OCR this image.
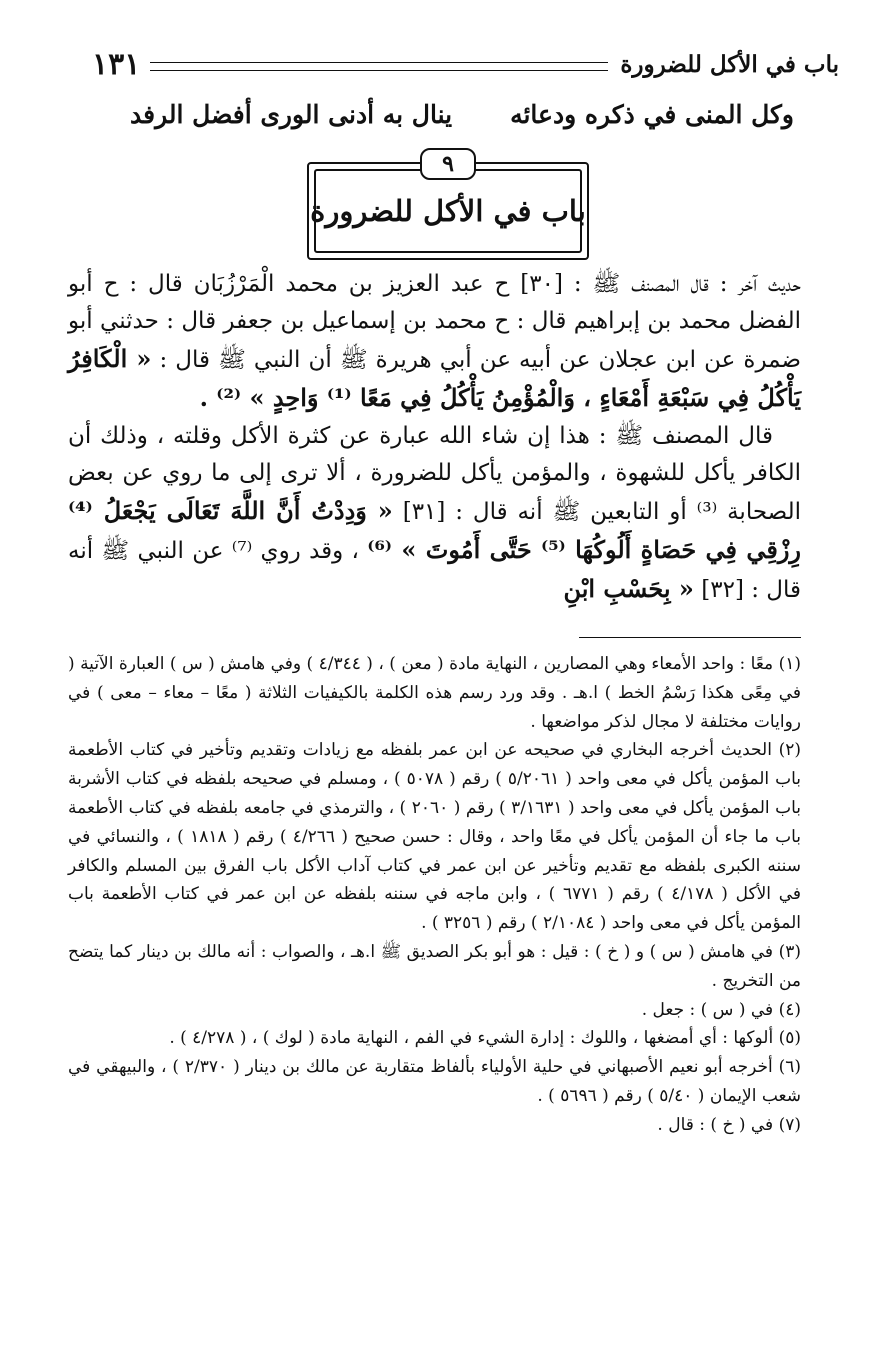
باب في الأكل للضرورة
١٣١
وكل المنى في ذكره ودعائه
ينال به أدنى الورى أفضل الرفد
٩
باب في الأكل للضرورة

حديث آخر : قال المصنف ﷺ : [٣٠] ح عبد العزيز بن محمد الْمَرْزُبَان قال : ح أبو الفضل محمد بن إبراهيم قال : ح محمد بن إسماعيل بن جعفر قال : حدثني أبو ضمرة عن ابن عجلان عن أبيه عن أبي هريرة ﷺ أن النبي ﷺ قال : « الْكَافِرُ يَأْكُلُ فِي سَبْعَةِ أَمْعَاءٍ ، وَالْمُؤْمِنُ يَأْكُلُ فِي مَعًا ⁽¹⁾ وَاحِدٍ » ⁽²⁾ .

قال المصنف ﷺ : هذا إن شاء الله عبارة عن كثرة الأكل وقلته ، وذلك أن الكافر يأكل للشهوة ، والمؤمن يأكل للضرورة ، ألا ترى إلى ما روي عن بعض الصحابة ⁽³⁾ أو التابعين ﷺ أنه قال : [٣١] « وَدِدْتُ أَنَّ اللَّهَ تَعَالَى يَجْعَلُ ⁽⁴⁾ رِزْقِي فِي حَصَاةٍ أَلُوكُهَا ⁽⁵⁾ حَتَّى أَمُوتَ » ⁽⁶⁾ ، وقد روي ⁽⁷⁾ عن النبي ﷺ أنه قال : [٣٢] « بِحَسْبِ ابْنِ

(١) معًا : واحد الأمعاء وهي المصارين ، النهاية مادة ( معن ) ، ( ٤/٣٤٤ ) وفي هامش ( س ) العبارة الآتية ( في مِعًى هكذا رَسْمُ الخط ) ا.هـ . وقد ورد رسم هذه الكلمة بالكيفيات الثلاثة ( معًا – معاء – معى ) في روايات مختلفة لا مجال لذكر مواضعها .

(٢) الحديث أخرجه البخاري في صحيحه عن ابن عمر بلفظه مع زيادات وتقديم وتأخير في كتاب الأطعمة باب المؤمن يأكل في معى واحد ( ٥/٢٠٦١ ) رقم ( ٥٠٧٨ ) ، ومسلم في صحيحه بلفظه في كتاب الأشربة باب المؤمن يأكل في معى واحد ( ٣/١٦٣١ ) رقم ( ٢٠٦٠ ) ، والترمذي في جامعه بلفظه في كتاب الأطعمة باب ما جاء أن المؤمن يأكل في معًا واحد ، وقال : حسن صحيح ( ٤/٢٦٦ ) رقم ( ١٨١٨ ) ، والنسائي في سننه الكبرى بلفظه مع تقديم وتأخير عن ابن عمر في كتاب آداب الأكل باب الفرق بين المسلم والكافر في الأكل ( ٤/١٧٨ ) رقم ( ٦٧٧١ ) ، وابن ماجه في سننه بلفظه عن ابن عمر في كتاب الأطعمة باب المؤمن يأكل في معى واحد ( ٢/١٠٨٤ ) رقم ( ٣٢٥٦ ) .

(٣) في هامش ( س ) و ( خ ) : قيل : هو أبو بكر الصديق ﷺ ا.هـ ، والصواب : أنه مالك بن دينار كما يتضح من التخريج .

(٤) في ( س ) : جعل .

(٥) ألوكها : أي أمضغها ، واللوك : إدارة الشيء في الفم ، النهاية مادة ( لوك ) ، ( ٤/٢٧٨ ) .

(٦) أخرجه أبو نعيم الأصبهاني في حلية الأولياء بألفاظ متقاربة عن مالك بن دينار ( ٢/٣٧٠ ) ، والبيهقي في شعب الإيمان ( ٥/٤٠ ) رقم ( ٥٦٩٦ ) .

(٧) في ( خ ) : قال .
